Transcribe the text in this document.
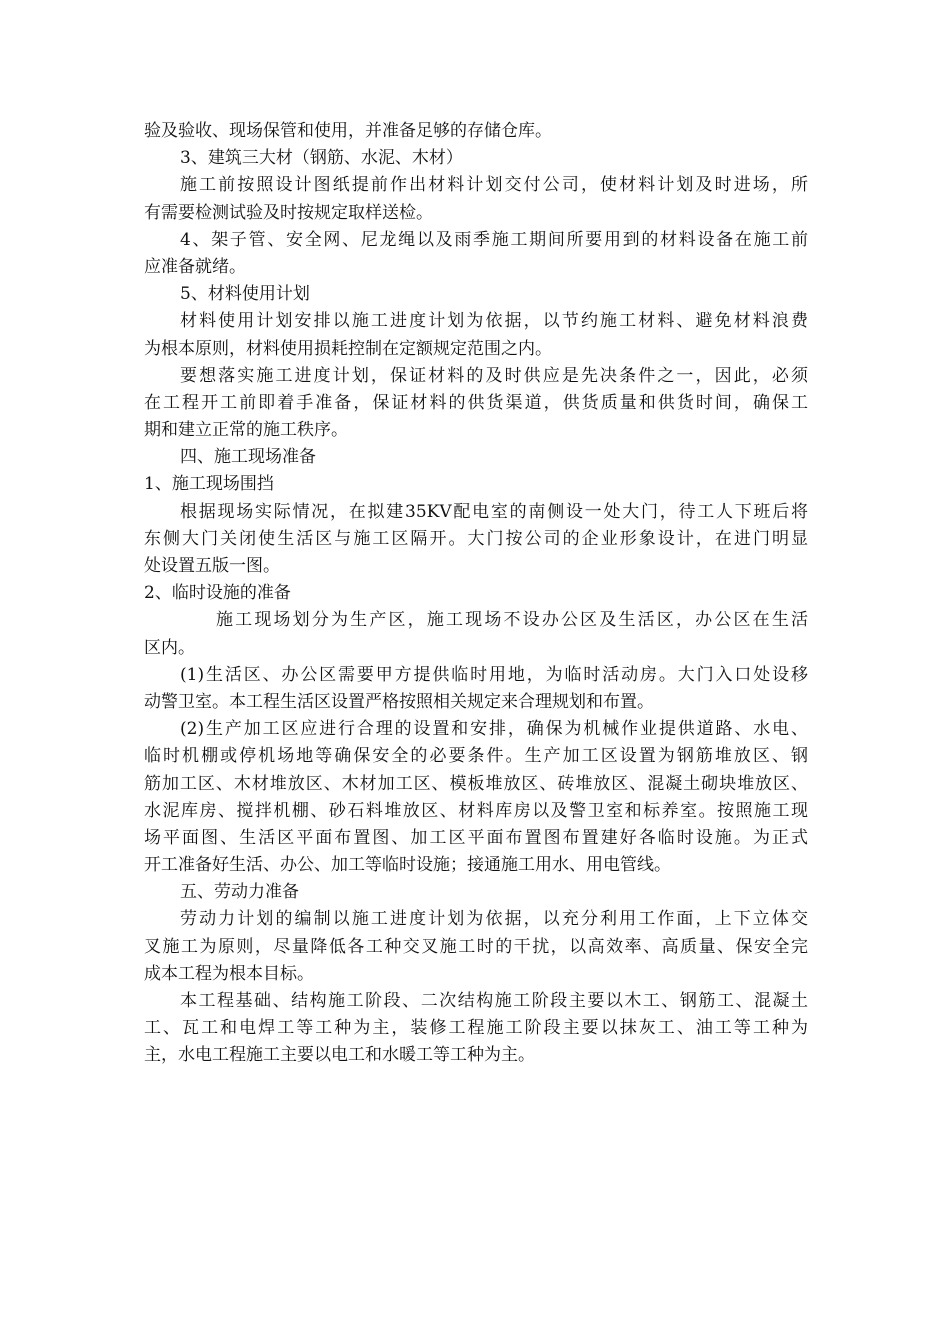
验及验收、现场保管和使用，并准备足够的存储仓库。

3、建筑三大材（钢筋、水泥、木材）

施工前按照设计图纸提前作出材料计划交付公司，使材料计划及时进场，所

有需要检测试验及时按规定取样送检。

4、架子管、安全网、尼龙绳以及雨季施工期间所要用到的材料设备在施工前

应准备就绪。

5、材料使用计划

材料使用计划安排以施工进度计划为依据，以节约施工材料、避免材料浪费

为根本原则，材料使用损耗控制在定额规定范围之内。

要想落实施工进度计划，保证材料的及时供应是先决条件之一，因此，必须

在工程开工前即着手准备，保证材料的供货渠道，供货质量和供货时间，确保工

期和建立正常的施工秩序。

四、施工现场准备

1、施工现场围挡

根据现场实际情况，在拟建35KV配电室的南侧设一处大门，待工人下班后将

东侧大门关闭使生活区与施工区隔开。大门按公司的企业形象设计，在进门明显

处设置五版一图。

2、临时设施的准备

施工现场划分为生产区，施工现场不设办公区及生活区，办公区在生活

区内。

(1)生活区、办公区需要甲方提供临时用地，为临时活动房。大门入口处设移

动警卫室。本工程生活区设置严格按照相关规定来合理规划和布置。

(2)生产加工区应进行合理的设置和安排，确保为机械作业提供道路、水电、

临时机棚或停机场地等确保安全的必要条件。生产加工区设置为钢筋堆放区、钢

筋加工区、木材堆放区、木材加工区、模板堆放区、砖堆放区、混凝土砌块堆放区、

水泥库房、搅拌机棚、砂石料堆放区、材料库房以及警卫室和标养室。按照施工现

场平面图、生活区平面布置图、加工区平面布置图布置建好各临时设施。为正式

开工准备好生活、办公、加工等临时设施；接通施工用水、用电管线。

五、劳动力准备

劳动力计划的编制以施工进度计划为依据，以充分利用工作面，上下立体交

叉施工为原则，尽量降低各工种交叉施工时的干扰，以高效率、高质量、保安全完

成本工程为根本目标。

本工程基础、结构施工阶段、二次结构施工阶段主要以木工、钢筋工、混凝土

工、瓦工和电焊工等工种为主，装修工程施工阶段主要以抹灰工、油工等工种为

主，水电工程施工主要以电工和水暖工等工种为主。
